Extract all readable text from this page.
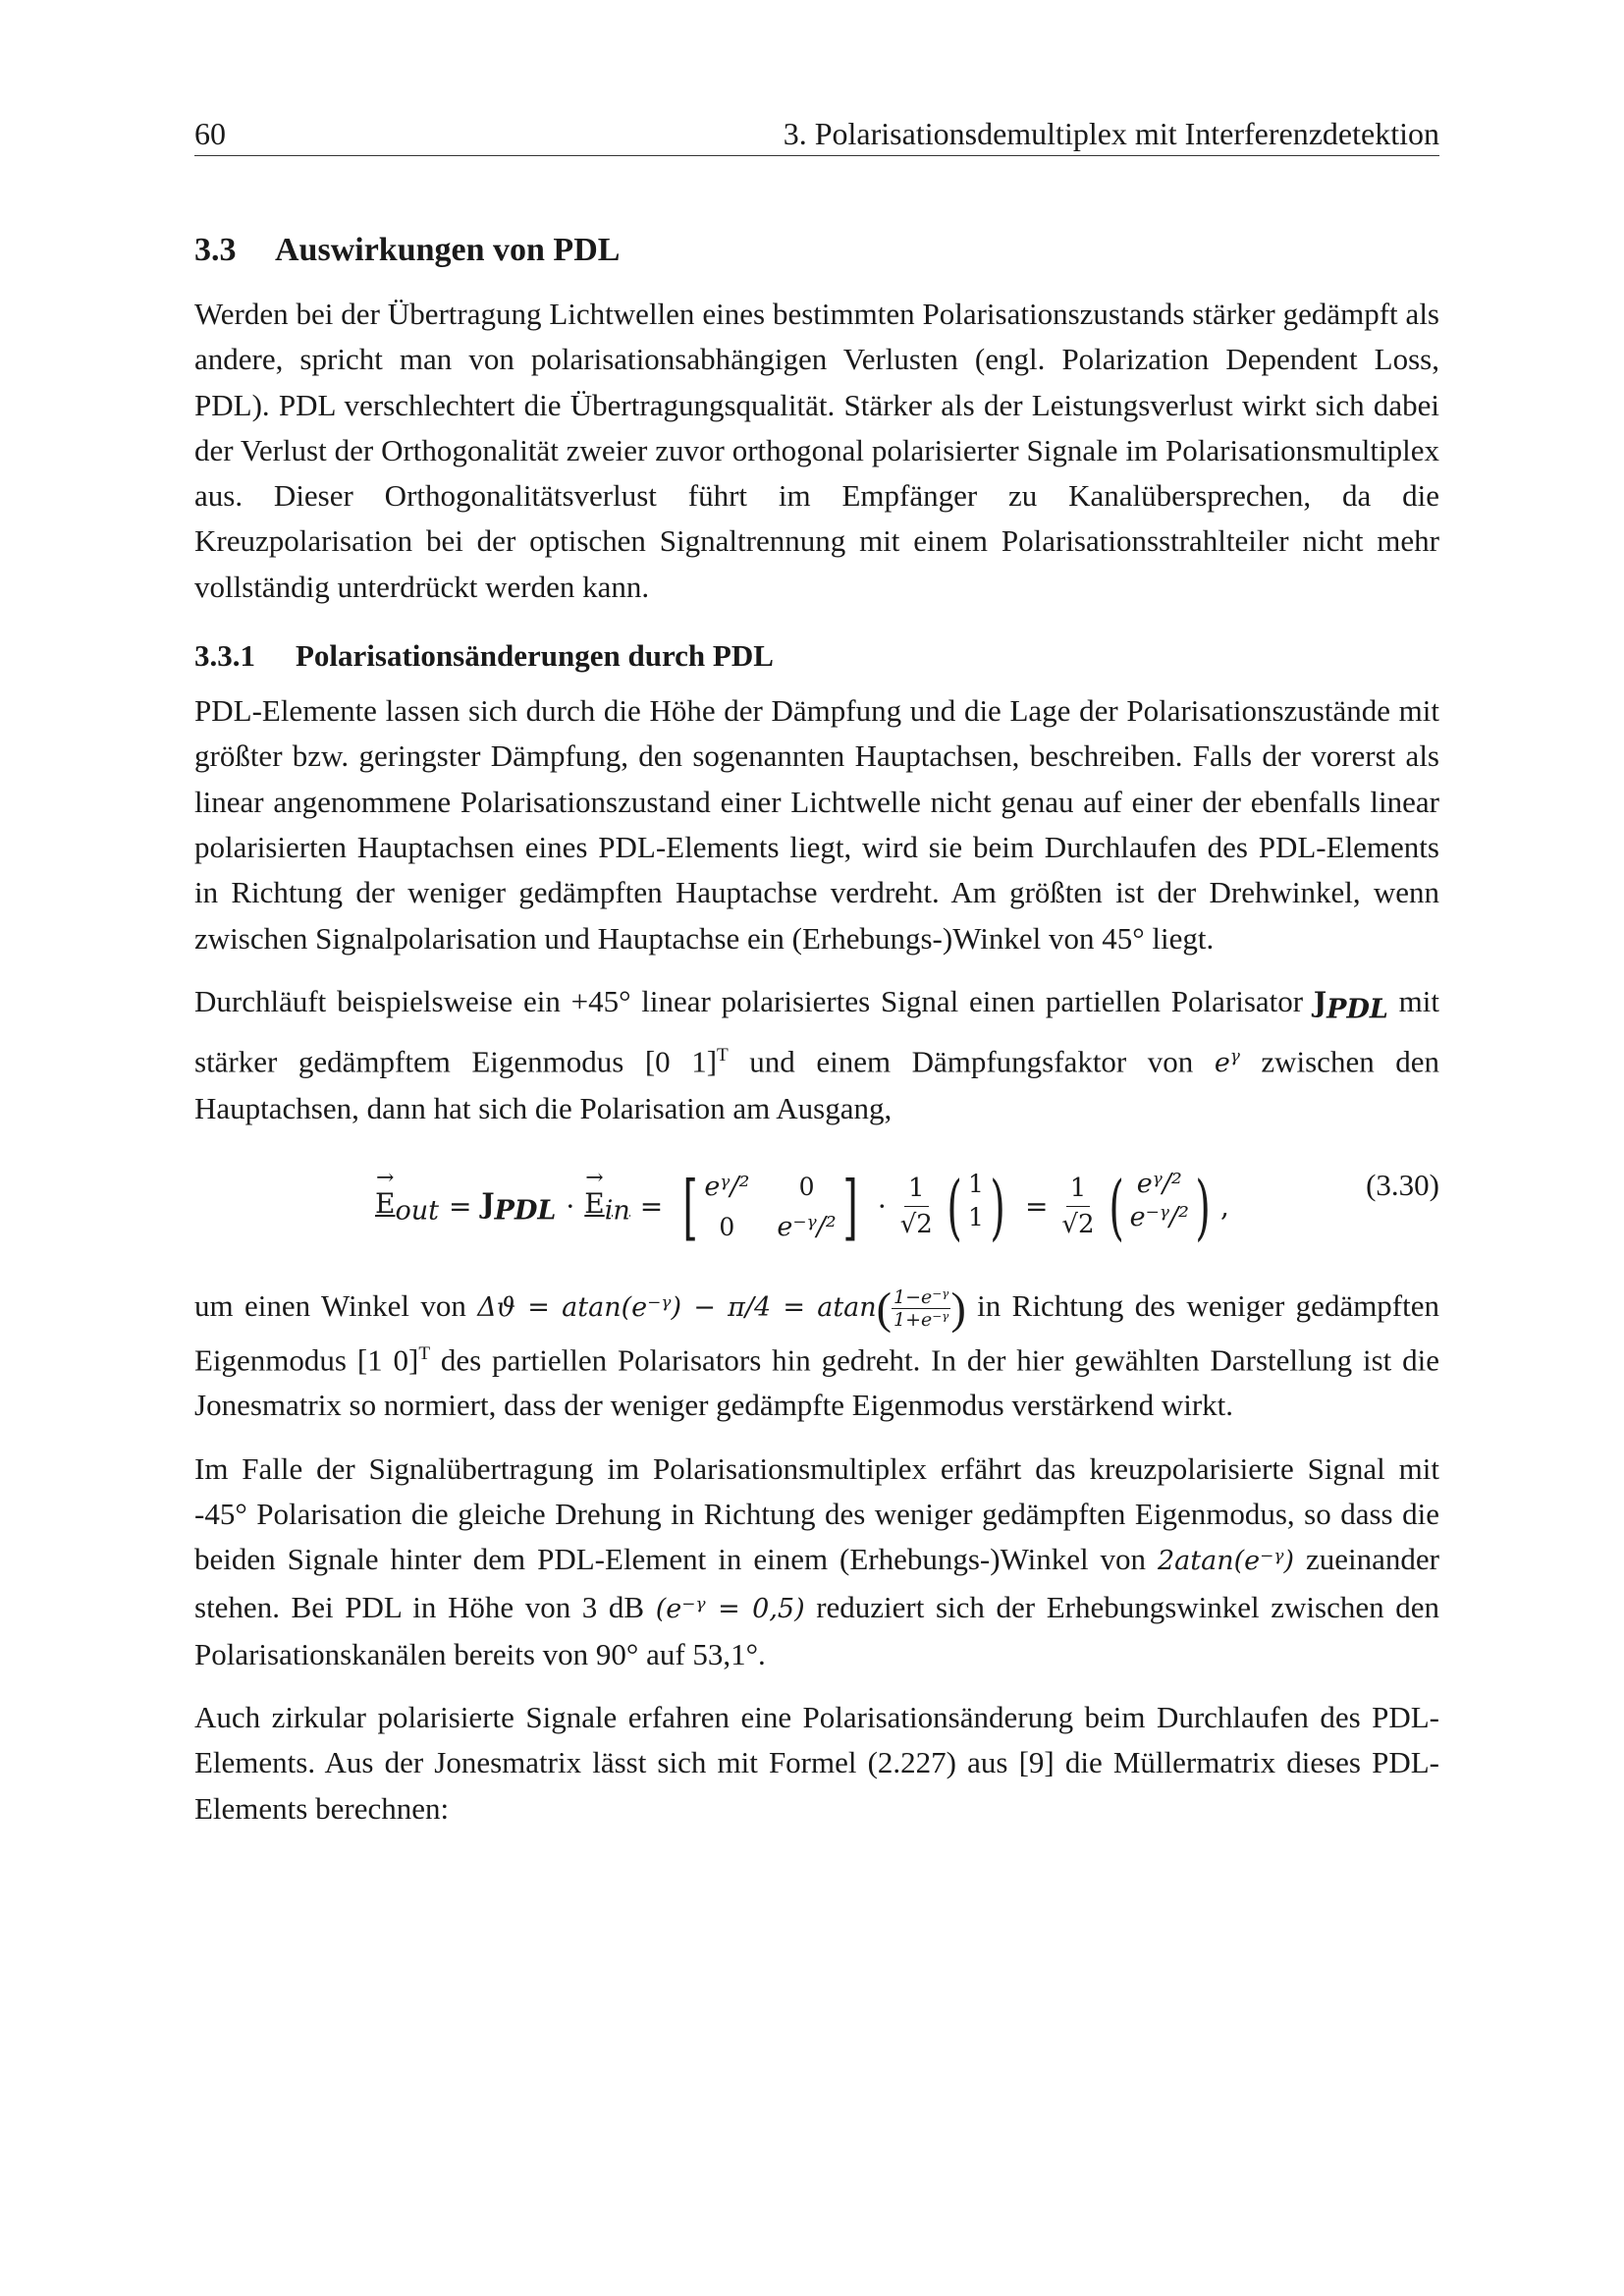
60	3. Polarisationsdemultiplex mit Interferenzdetektion
3.3 Auswirkungen von PDL

Werden bei der Übertragung Lichtwellen eines bestimmten Polarisationszustands stärker gedämpft als andere, spricht man von polarisationsabhängigen Verlusten (engl. Polarization Dependent Loss, PDL). PDL verschlechtert die Übertragungsqualität. Stärker als der Leistungsverlust wirkt sich dabei der Verlust der Orthogonalität zweier zuvor orthogonal polarisierter Signale im Polarisationsmultiplex aus. Dieser Orthogonalitätsverlust führt im Empfänger zu Kanalübersprechen, da die Kreuzpolarisation bei der optischen Signaltrennung mit einem Polarisationsstrahlteiler nicht mehr vollständig unterdrückt werden kann.

3.3.1 Polarisationsänderungen durch PDL

PDL-Elemente lassen sich durch die Höhe der Dämpfung und die Lage der Polarisationszustände mit größter bzw. geringster Dämpfung, den sogenannten Hauptachsen, beschreiben. Falls der vorerst als linear angenommene Polarisationszustand einer Lichtwelle nicht genau auf einer der ebenfalls linear polarisierten Hauptachsen eines PDL-Elements liegt, wird sie beim Durchlaufen des PDL-Elements in Richtung der weniger gedämpften Hauptachse verdreht. Am größten ist der Drehwinkel, wenn zwischen Signalpolarisation und Hauptachse ein (Erhebungs-)Winkel von 45° liegt.

Durchläuft beispielsweise ein +45° linear polarisiertes Signal einen partiellen Polarisator $J_{PDL}$ mit stärker gedämpftem Eigenmodus [0 1]$^T$ und einem Dämpfungsfaktor von $e^\gamma$ zwischen den Hauptachsen, dann hat sich die Polarisation am Ausgang,

→ $E_{out} = J_{PDL}$ ·
→ $E_{in}$ = [ eᵞ/² 0
0 e⁻ᵞ/² ] · $\frac{1}{√2}$ ( 1
1 ) = $\frac{1}{√2}$ ( eᵞ/²
e⁻ᵞ/² ) ,
(3.30)

um einen Winkel von Δϑ = atan(e⁻ᵞ) − $\pi/4 = atan( \frac{\text{1−e⁻ᵞ}}{\text{1+e⁻ᵞ}}$ ) in Richtung des weniger gedämpften Eigenmodus [1 0]$^T$ des partiellen Polarisators hin gedreht. In der hier gewählten Darstellung ist die Jonesmatrix so normiert, dass der weniger gedämpfte Eigenmodus verstärkend wirkt.

Im Falle der Signalübertragung im Polarisationsmultiplex erfährt das kreuzpolarisierte Signal mit -45° Polarisation die gleiche Drehung in Richtung des weniger gedämpften Eigenmodus, so dass die beiden Signale hinter dem PDL-Element in einem (Erhebungs-)Winkel von 2atan(e⁻ᵞ) zueinander stehen. Bei PDL in Höhe von 3 dB (e⁻ᵞ = 0,5) reduziert sich der Erhebungswinkel zwischen den Polarisationskanälen bereits von 90° auf 53,1°.

Auch zirkular polarisierte Signale erfahren eine Polarisationsänderung beim Durchlaufen des PDL-Elements. Aus der Jonesmatrix lässt sich mit Formel (2.227) aus [9] die Müllermatrix dieses PDL-Elements berechnen:
